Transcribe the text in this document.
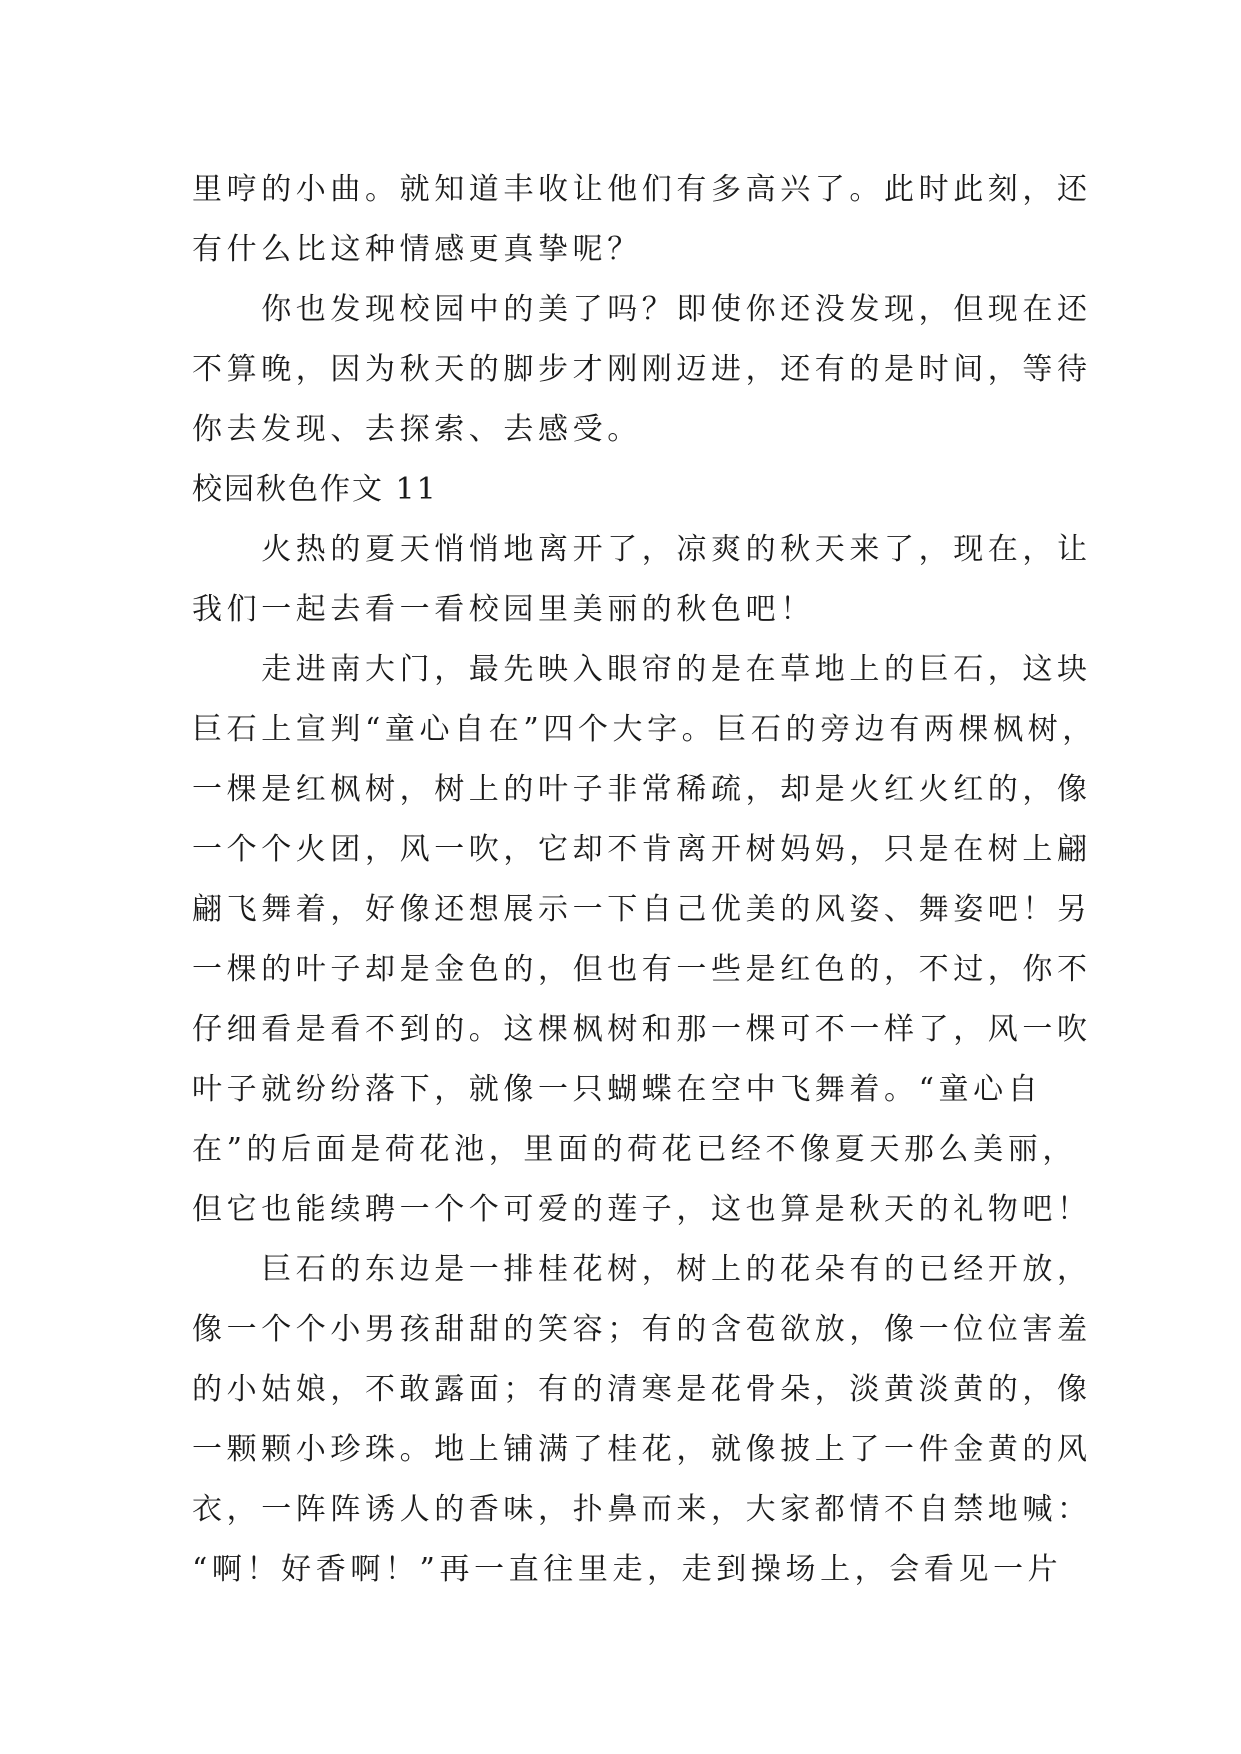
里哼的小曲。就知道丰收让他们有多高兴了。此时此刻，还
有什么比这种情感更真挚呢？
　　你也发现校园中的美了吗？即使你还没发现，但现在还
不算晚，因为秋天的脚步才刚刚迈进，还有的是时间，等待
你去发现、去探索、去感受。
校园秋色作文 11
　　火热的夏天悄悄地离开了，凉爽的秋天来了，现在，让
我们一起去看一看校园里美丽的秋色吧！
　　走进南大门，最先映入眼帘的是在草地上的巨石，这块
巨石上宣判“童心自在”四个大字。巨石的旁边有两棵枫树，
一棵是红枫树，树上的叶子非常稀疏，却是火红火红的，像
一个个火团，风一吹，它却不肯离开树妈妈，只是在树上翩
翩飞舞着，好像还想展示一下自己优美的风姿、舞姿吧！另
一棵的叶子却是金色的，但也有一些是红色的，不过，你不
仔细看是看不到的。这棵枫树和那一棵可不一样了，风一吹
叶子就纷纷落下，就像一只蝴蝶在空中飞舞着。“童心自
在”的后面是荷花池，里面的荷花已经不像夏天那么美丽，
但它也能续聘一个个可爱的莲子，这也算是秋天的礼物吧！
　　巨石的东边是一排桂花树，树上的花朵有的已经开放，
像一个个小男孩甜甜的笑容；有的含苞欲放，像一位位害羞
的小姑娘，不敢露面；有的清寒是花骨朵，淡黄淡黄的，像
一颗颗小珍珠。地上铺满了桂花，就像披上了一件金黄的风
衣，一阵阵诱人的香味，扑鼻而来，大家都情不自禁地喊：
“啊！好香啊！”再一直往里走，走到操场上，会看见一片
